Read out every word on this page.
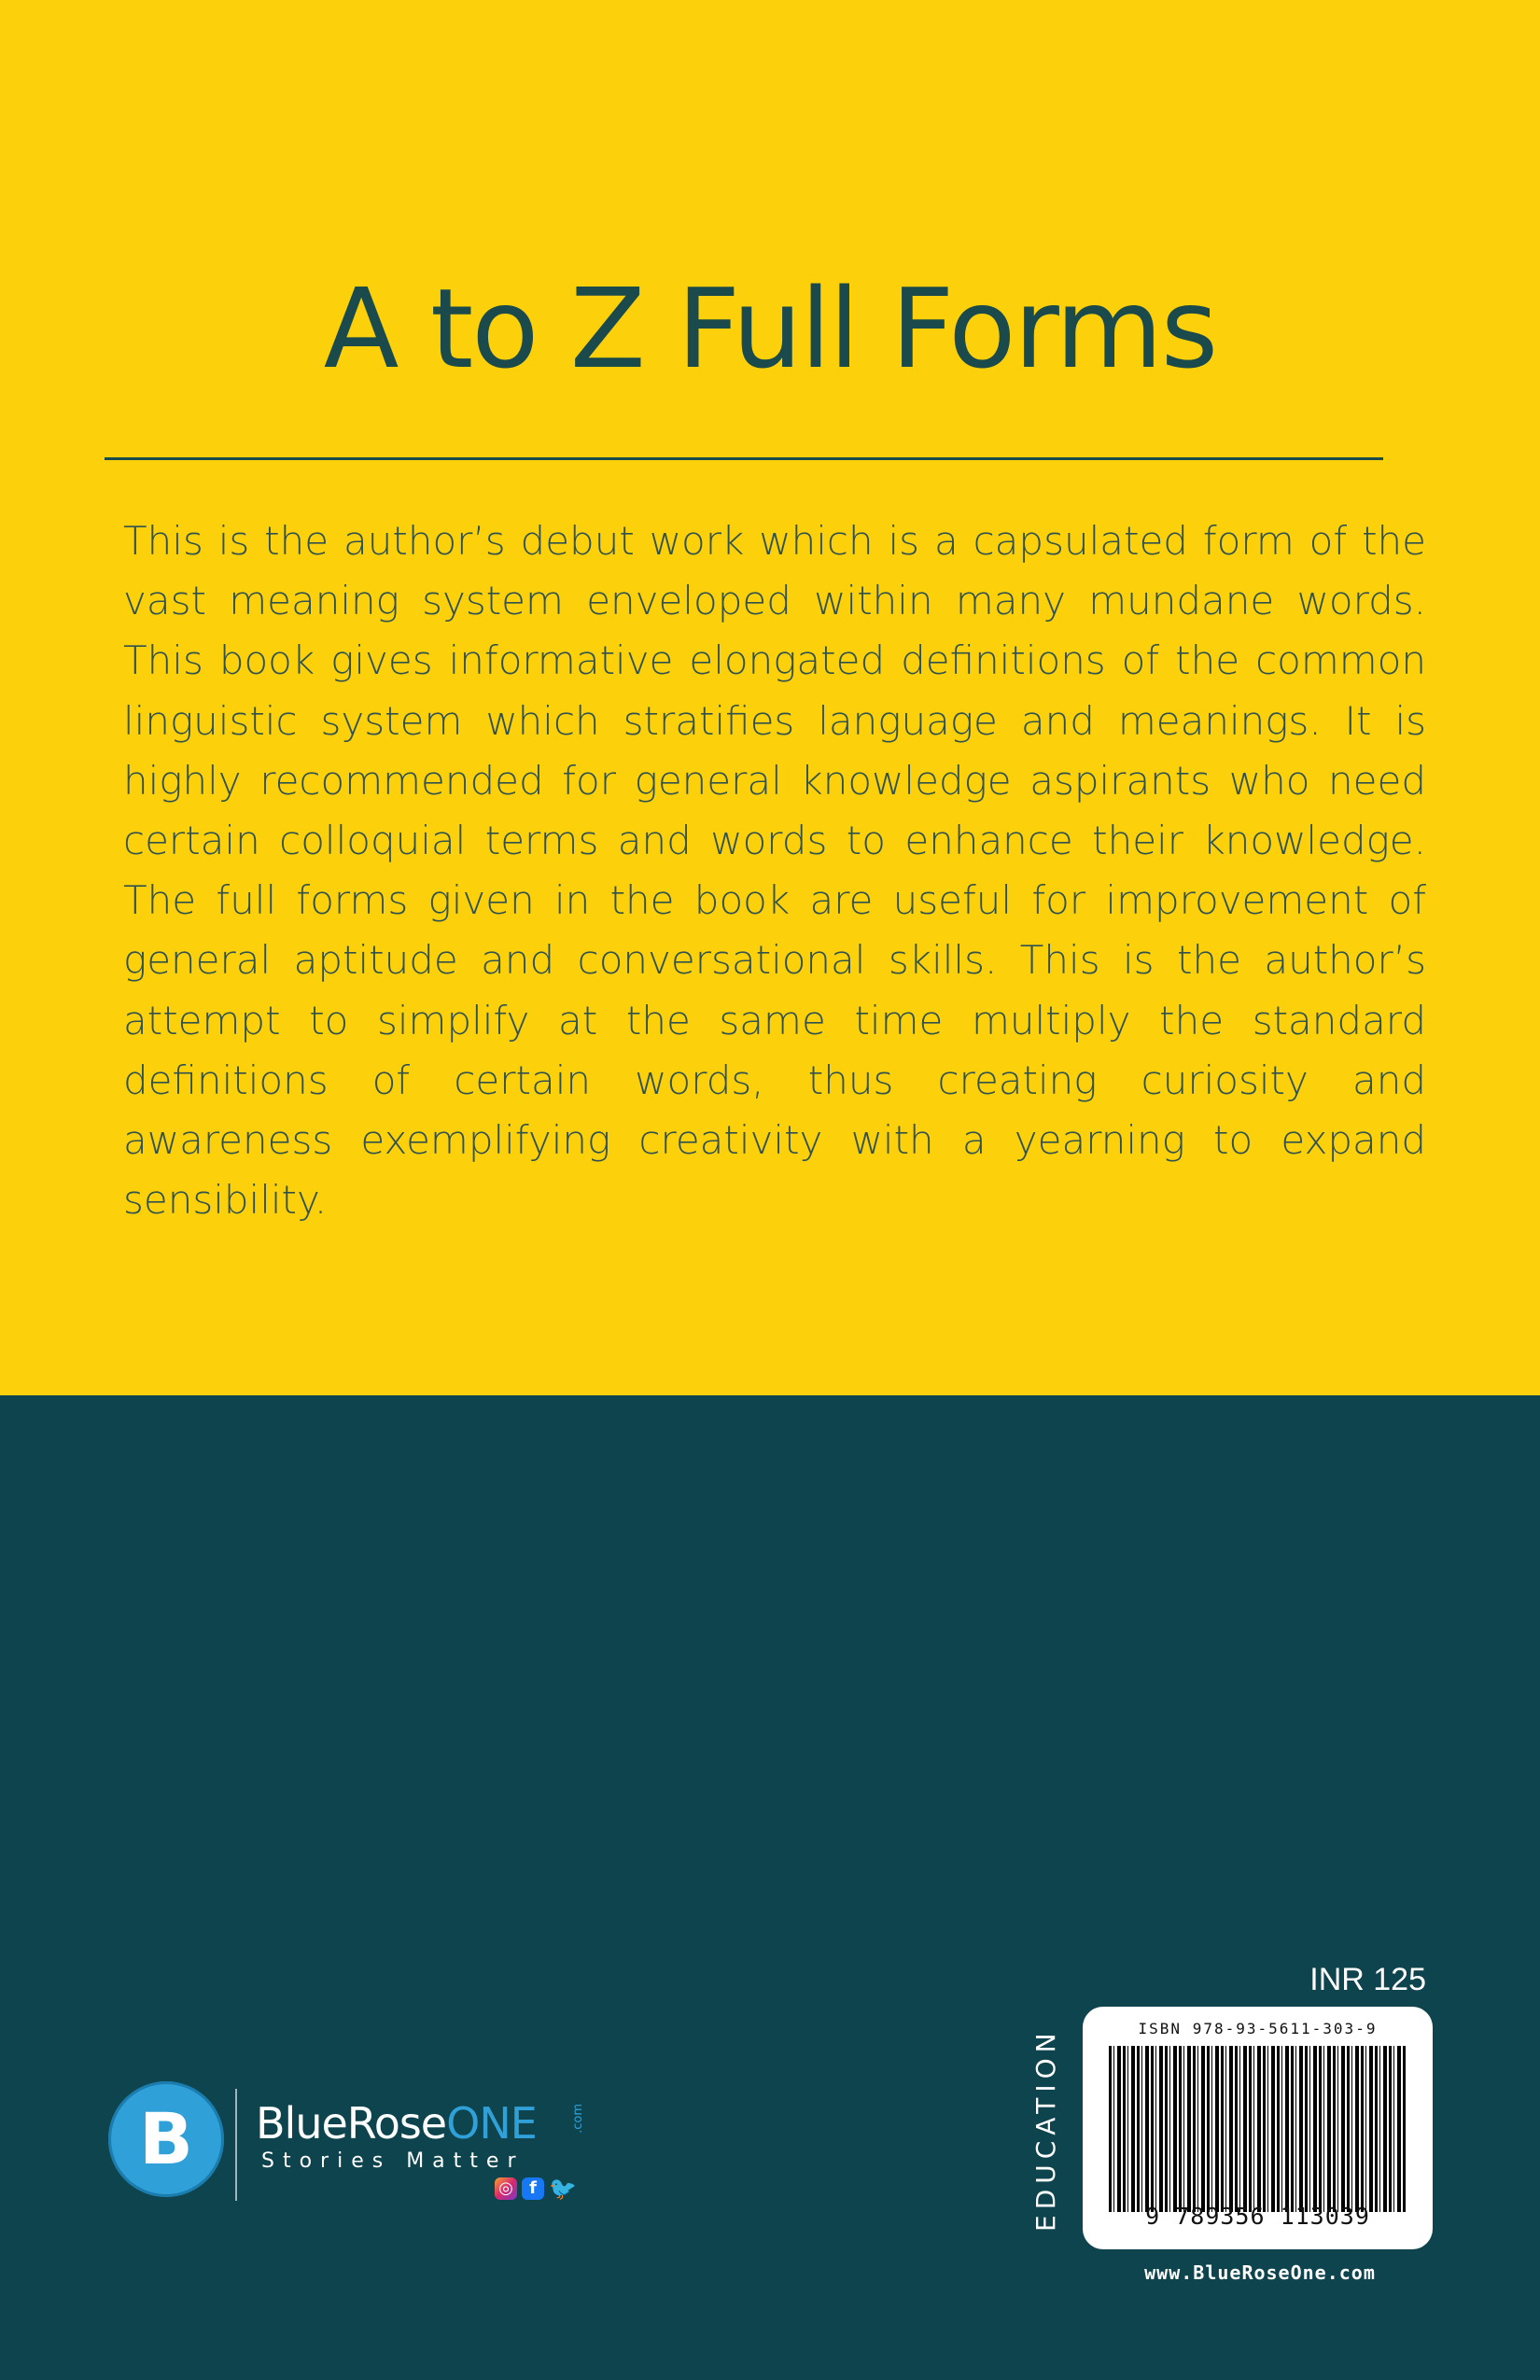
A to Z Full Forms
This is the author’s debut work which is a capsulated form of the vast meaning system enveloped within many mundane words. This book gives informative elongated definitions of the common linguistic system which stratifies language and meanings. It is highly recommended for general knowledge aspirants who need certain colloquial terms and words to enhance their knowledge. The full forms given in the book are useful for improvement of general aptitude and conversational skills. This is the author’s attempt to simplify at the same time multiply the standard definitions of certain words, thus creating curiosity and awareness exemplifying creativity with a yearning to expand sensibility.
B	BlueRoseONE	.com
Stories Matter
◎ f 🐦
INR 125
EDUCATION	ISBN 978-93-5611-303-9
9 789356 113039
www.BlueRoseOne.com
